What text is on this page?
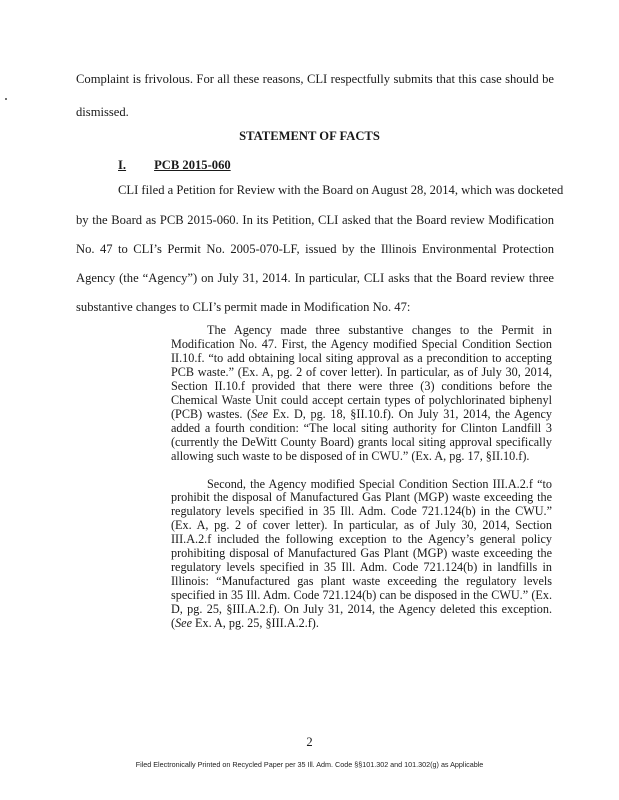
Complaint is frivolous. For all these reasons, CLI respectfully submits that this case should be
dismissed.
STATEMENT OF FACTS
I. PCB 2015-060
CLI filed a Petition for Review with the Board on August 28, 2014, which was docketed
by the Board as PCB 2015-060. In its Petition, CLI asked that the Board review Modification
No. 47 to CLI’s Permit No. 2005-070-LF, issued by the Illinois Environmental Protection
Agency (the “Agency”) on July 31, 2014. In particular, CLI asks that the Board review three
substantive changes to CLI’s permit made in Modification No. 47:

The Agency made three substantive changes to the Permit in Modification No. 47. First, the Agency modified Special Condition Section II.10.f. “to add obtaining local siting approval as a precondition to accepting PCB waste.” (Ex. A, pg. 2 of cover letter). In particular, as of July 30, 2014, Section II.10.f provided that there were three (3) conditions before the Chemical Waste Unit could accept certain types of polychlorinated biphenyl (PCB) wastes. (See Ex. D, pg. 18, §II.10.f). On July 31, 2014, the Agency added a fourth condition: “The local siting authority for Clinton Landfill 3 (currently the DeWitt County Board) grants local siting approval specifically allowing such waste to be disposed of in CWU.” (Ex. A, pg. 17, §II.10.f).

Second, the Agency modified Special Condition Section III.A.2.f “to prohibit the disposal of Manufactured Gas Plant (MGP) waste exceeding the regulatory levels specified in 35 Ill. Adm. Code 721.124(b) in the CWU.” (Ex. A, pg. 2 of cover letter). In particular, as of July 30, 2014, Section III.A.2.f included the following exception to the Agency’s general policy prohibiting disposal of Manufactured Gas Plant (MGP) waste exceeding the regulatory levels specified in 35 Ill. Adm. Code 721.124(b) in landfills in Illinois: “Manufactured gas plant waste exceeding the regulatory levels specified in 35 Ill. Adm. Code 721.124(b) can be disposed in the CWU.” (Ex. D, pg. 25, §III.A.2.f). On July 31, 2014, the Agency deleted this exception. (See Ex. A, pg. 25, §III.A.2.f).

2
Filed Electronically Printed on Recycled Paper per 35 Ill. Adm. Code §§101.302 and 101.302(g) as Applicable
